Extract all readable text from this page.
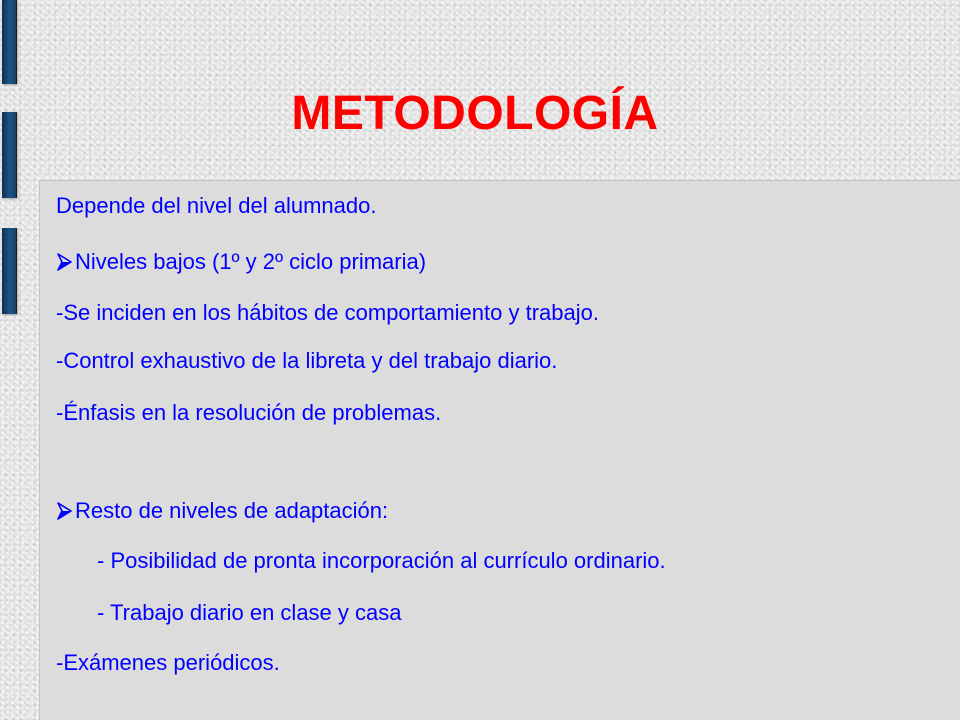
METODOLOGÍA
Depende del nivel del alumnado.
Niveles bajos (1º y 2º ciclo primaria)
-Se inciden en los hábitos de comportamiento y trabajo.
-Control exhaustivo de la libreta y del trabajo diario.
-Énfasis en la resolución de problemas.
Resto de niveles de adaptación:
- Posibilidad de pronta incorporación al currículo ordinario.
- Trabajo diario en clase y casa
-Exámenes periódicos.
